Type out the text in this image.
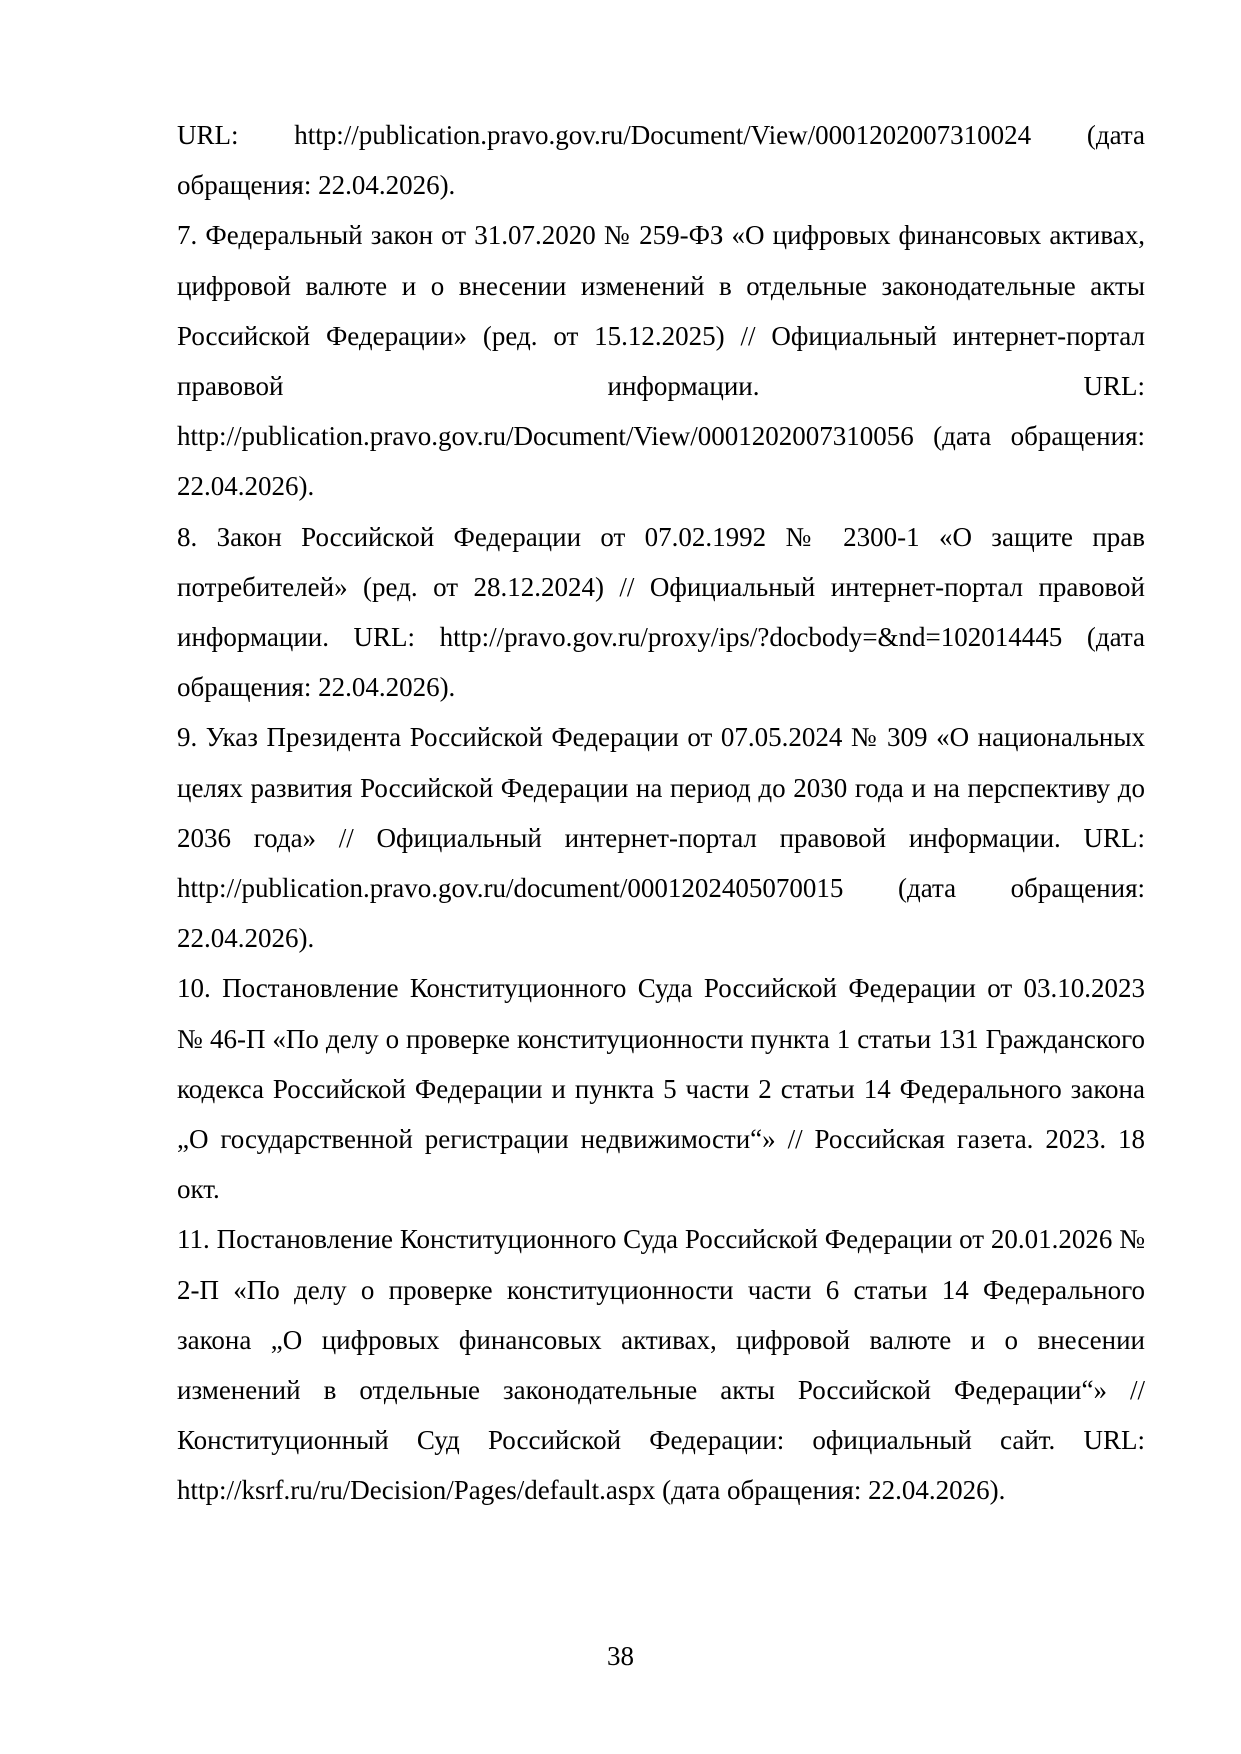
URL: http://publication.pravo.gov.ru/Document/View/0001202007310024 (дата обращения: 22.04.2026).

7. Федеральный закон от 31.07.2020 № 259-ФЗ «О цифровых финансовых активах, цифровой валюте и о внесении изменений в отдельные законодательные акты Российской Федерации» (ред. от 15.12.2025) // Официальный интернет-портал правовой информации. URL: http://publication.pravo.gov.ru/Document/View/0001202007310056 (дата обращения: 22.04.2026).

8. Закон Российской Федерации от 07.02.1992 № 2300-1 «О защите прав потребителей» (ред. от 28.12.2024) // Официальный интернет-портал правовой информации. URL: http://pravo.gov.ru/proxy/ips/?docbody=&nd=102014445 (дата обращения: 22.04.2026).

9. Указ Президента Российской Федерации от 07.05.2024 № 309 «О национальных целях развития Российской Федерации на период до 2030 года и на перспективу до 2036 года» // Официальный интернет-портал правовой информации. URL: http://publication.pravo.gov.ru/document/0001202405070015 (дата обращения: 22.04.2026).

10. Постановление Конституционного Суда Российской Федерации от 03.10.2023 № 46-П «По делу о проверке конституционности пункта 1 статьи 131 Гражданского кодекса Российской Федерации и пункта 5 части 2 статьи 14 Федерального закона „О государственной регистрации недвижимости“» // Российская газета. 2023. 18 окт.

11. Постановление Конституционного Суда Российской Федерации от 20.01.2026 № 2-П «По делу о проверке конституционности части 6 статьи 14 Федерального закона „О цифровых финансовых активах, цифровой валюте и о внесении изменений в отдельные законодательные акты Российской Федерации“» // Конституционный Суд Российской Федерации: официальный сайт. URL: http://ksrf.ru/ru/Decision/Pages/default.aspx (дата обращения: 22.04.2026).

38
